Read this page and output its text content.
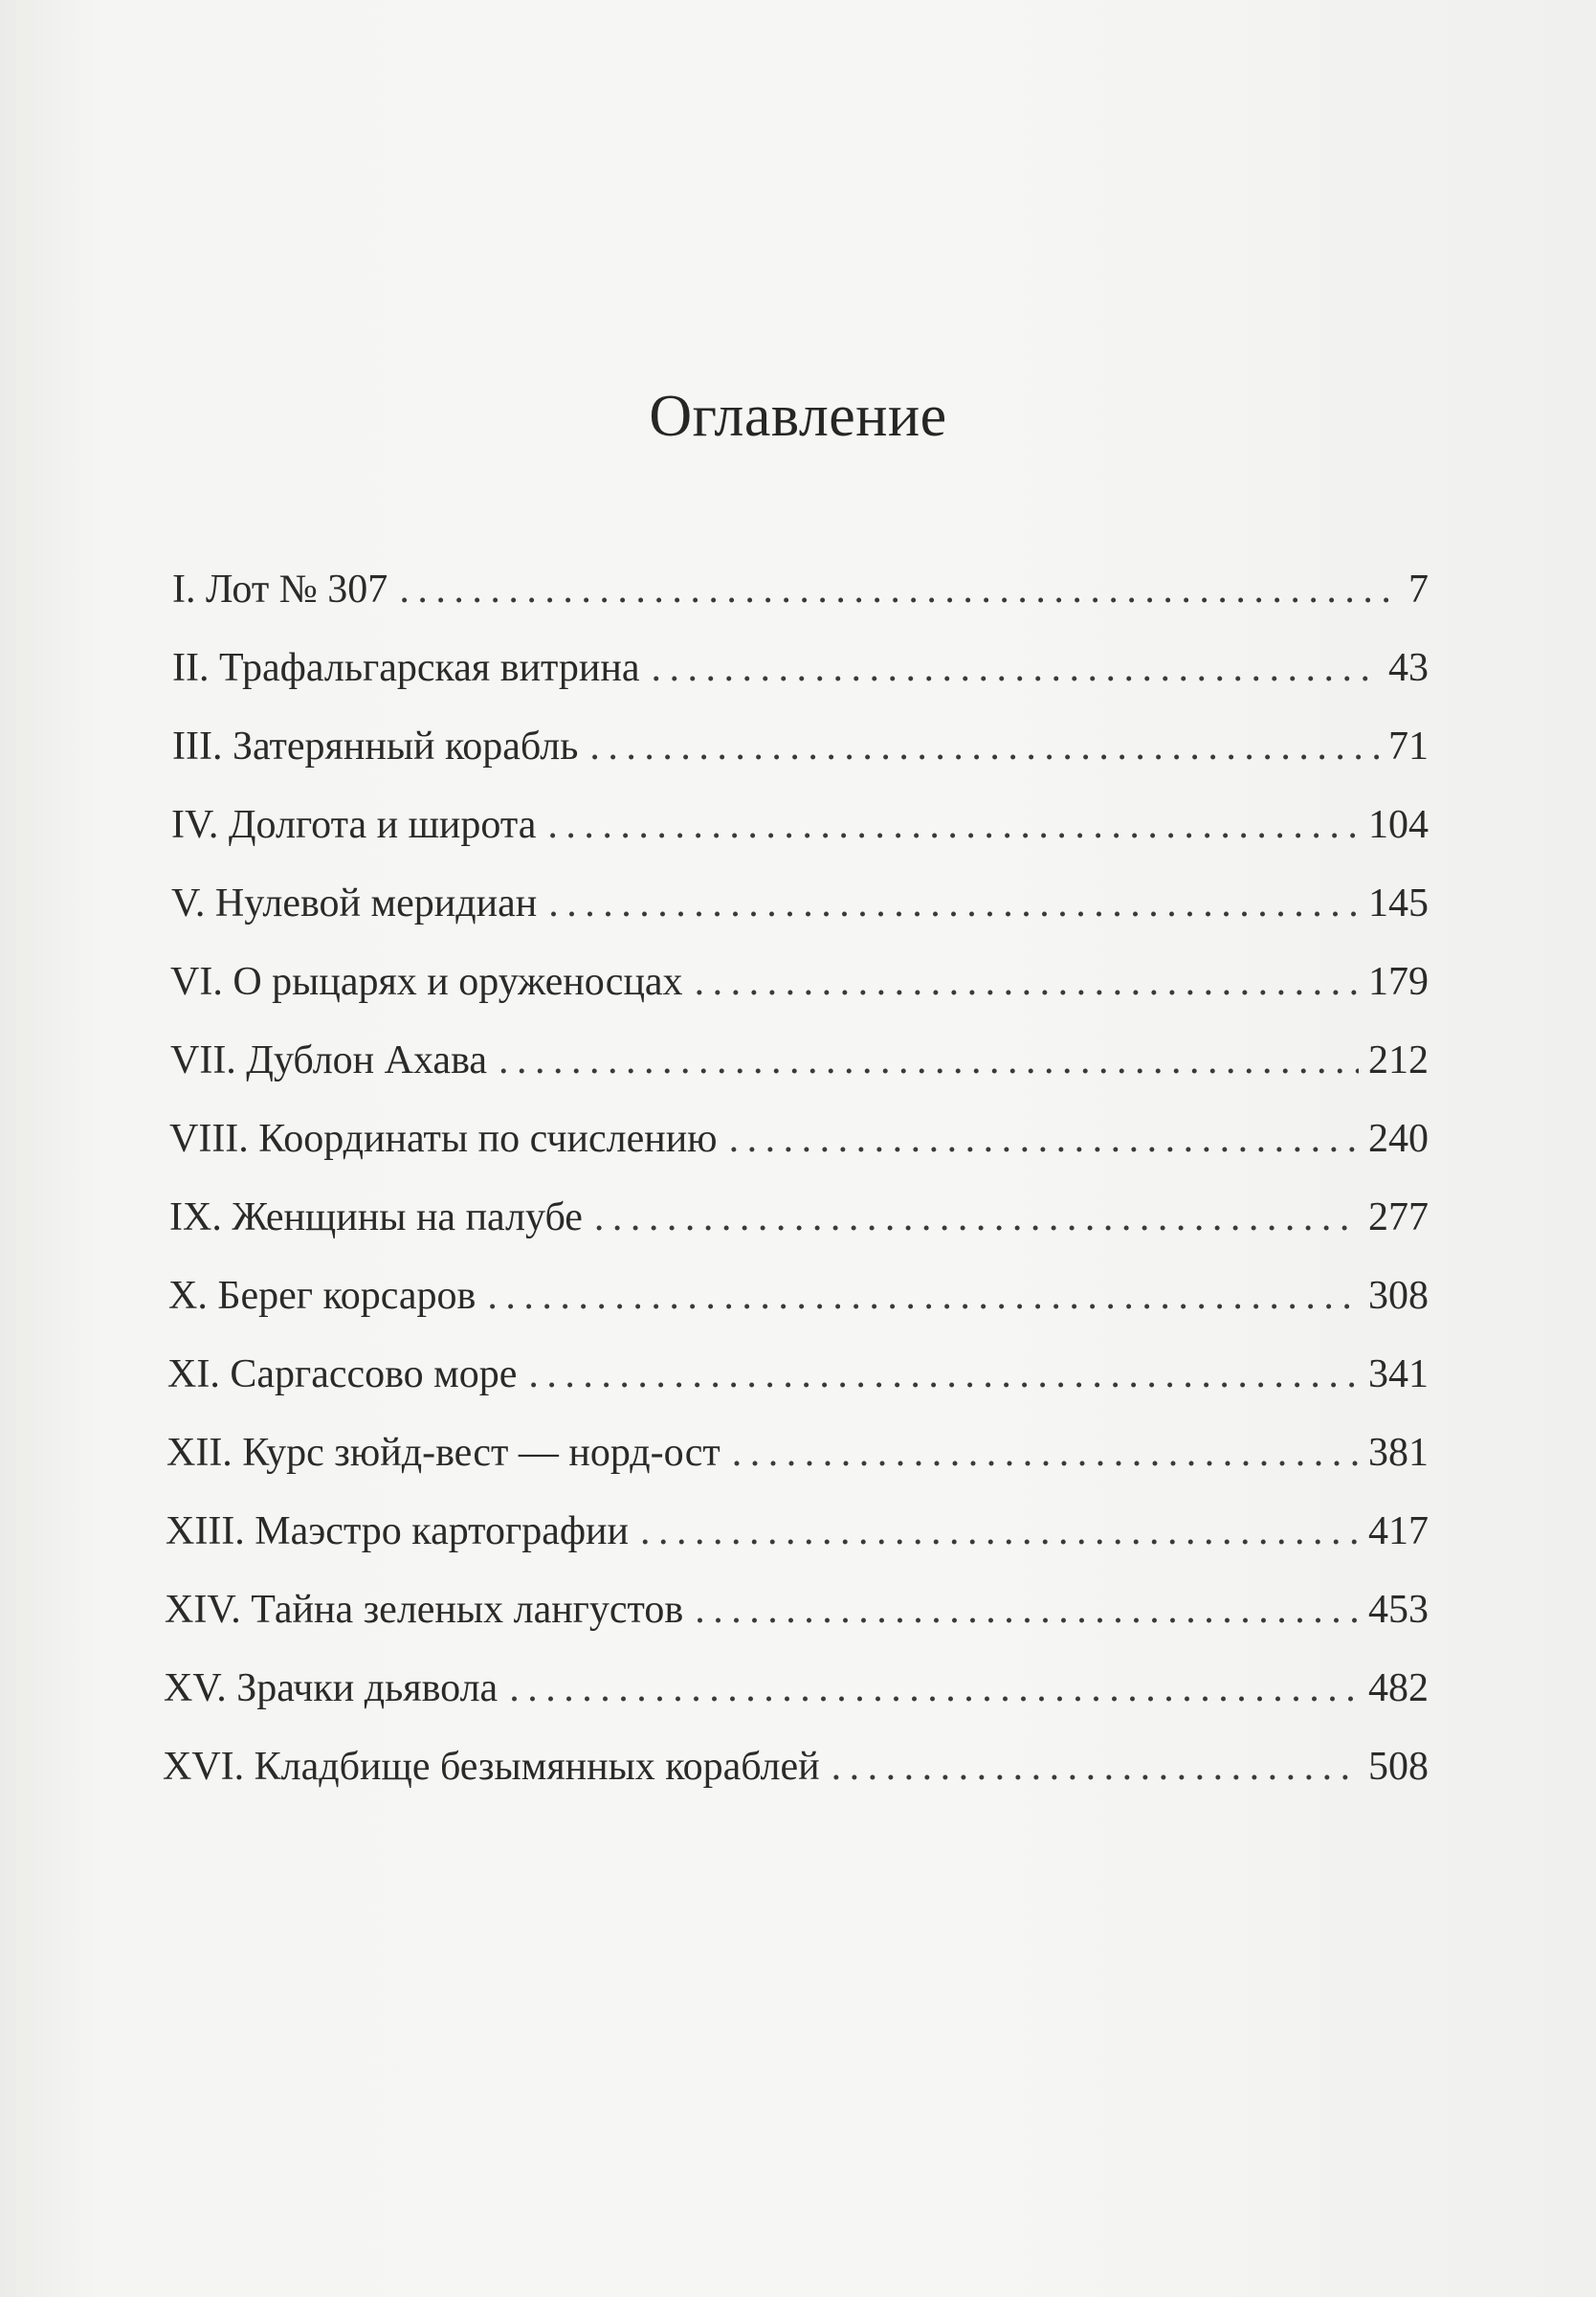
Оглавление
I. Лот № 307 . . .	7
II. Трафальгарская витрина . . .	43
III. Затерянный корабль . . .	71
IV. Долгота и широта . . .	104
V. Нулевой меридиан . . .	145
VI. О рыцарях и оруженосцах . . .	179
VII. Дублон Ахава . . .	212
VIII. Координаты по счислению . . .	240
IX. Женщины на палубе . . .	277
X. Берег корсаров . . .	308
XI. Саргассово море . . .	341
XII. Курс зюйд-вест — норд-ост . . .	381
XIII. Маэстро картографии . . .	417
XIV. Тайна зеленых лангустов . . .	453
XV. Зрачки дьявола . . .	482
XVI. Кладбище безымянных кораблей . . .	508
